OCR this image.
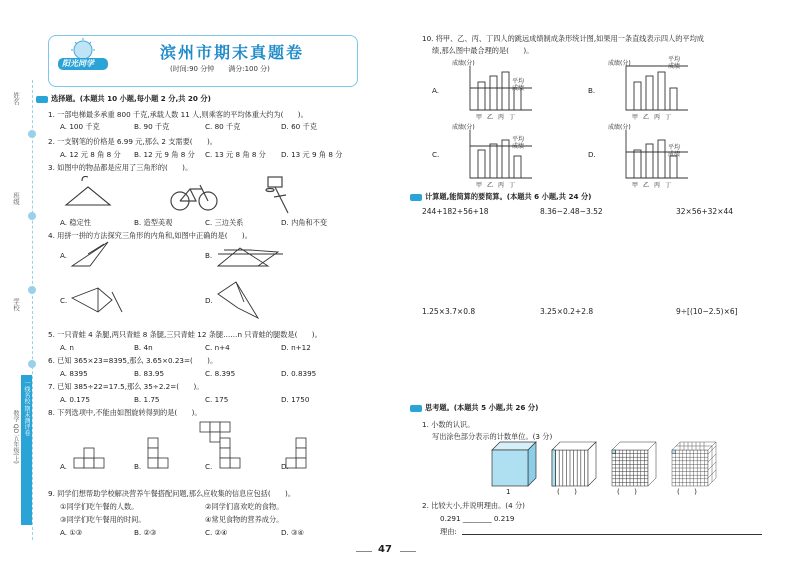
阳光同学
滨州市期末真题卷
(时间:90 分钟　　满分:100 分)
姓名
班级
学校
一线名校 期末测评卷
数学 QD 五年级(上)
选择题。(本题共 10 小题,每小题 2 分,共 20 分)
1. 一部电梯最多承重 800 千克,承载人数 11 人,则乘客的平均体重大约为(　　)。
A. 100 千克	B. 90 千克	C. 80 千克	D. 60 千克
2. 一支钢笔的价格是 6.99 元,那么 2 支需要(　　)。
A. 12 元 8 角 8 分 B. 12 元 9 角 8 分 C. 13 元 8 角 8 分 D. 13 元 9 角 8 分
3. 如图中的物品都是应用了三角形的(　　)。
A. 稳定性	B. 造型美观	C. 三边关系	D. 内角和不变
4. 用拼一拼的方法探究三角形的内角和,如图中正确的是(　　)。
A.	B.
C.	D.
5. 一只青蛙 4 条腿,两只青蛙 8 条腿,三只青蛙 12 条腿……n 只青蛙的腿数是(　　)。
A. n	B. 4n	C. n+4	D. n+12
6. 已知 365×23=8395,那么 3.65×0.23=(　　)。
A. 8395	B. 83.95	C. 8.395	D. 0.8395
7. 已知 385÷22=17.5,那么 35÷2.2=(　　)。
A. 0.175	B. 1.75	C. 175	D. 1750
8. 下列选项中,不能由如图旋转得到的是(　　)。
A.	B.	C.	D.
9. 同学们想帮助学校解决营养午餐搭配问题,那么应收集的信息应包括(　　)。
①同学们吃午餐的人数。	②同学们喜欢吃的食物。
③同学们吃午餐用的时间。	④常见食物的营养成分。
A. ①③	B. ②③	C. ②④	D. ③④
10. 将甲、乙、丙、丁四人的跳远成绩制成条形统计图,如果用一条直线表示四人的平均成
绩,那么图中最合理的是(　　)。
A.	B.
C.	D.
成绩(分)	成绩(分)
成绩(分)	成绩(分)
平均成绩
平均成绩
平均成绩	平均成绩
甲乙丙丁	甲乙丙丁
甲乙丙丁	甲乙丙丁
计算题,能简算的要简算。(本题共 6 小题,共 24 分)
244+182+56+18	8.36−2.48−3.52	32×56+32×44
1.25×3.7×0.8	3.25×0.2+2.8	9÷[(10−2.5)×6]
思考题。(本题共 5 小题,共 26 分)
1. 小数的认识。
写出涂色部分表示的计数单位。(3 分)
1	(　　)	(　　)	(　　)
2. 比较大小,并说明理由。(4 分)
0.291 ________ 0.219
理由:
47
